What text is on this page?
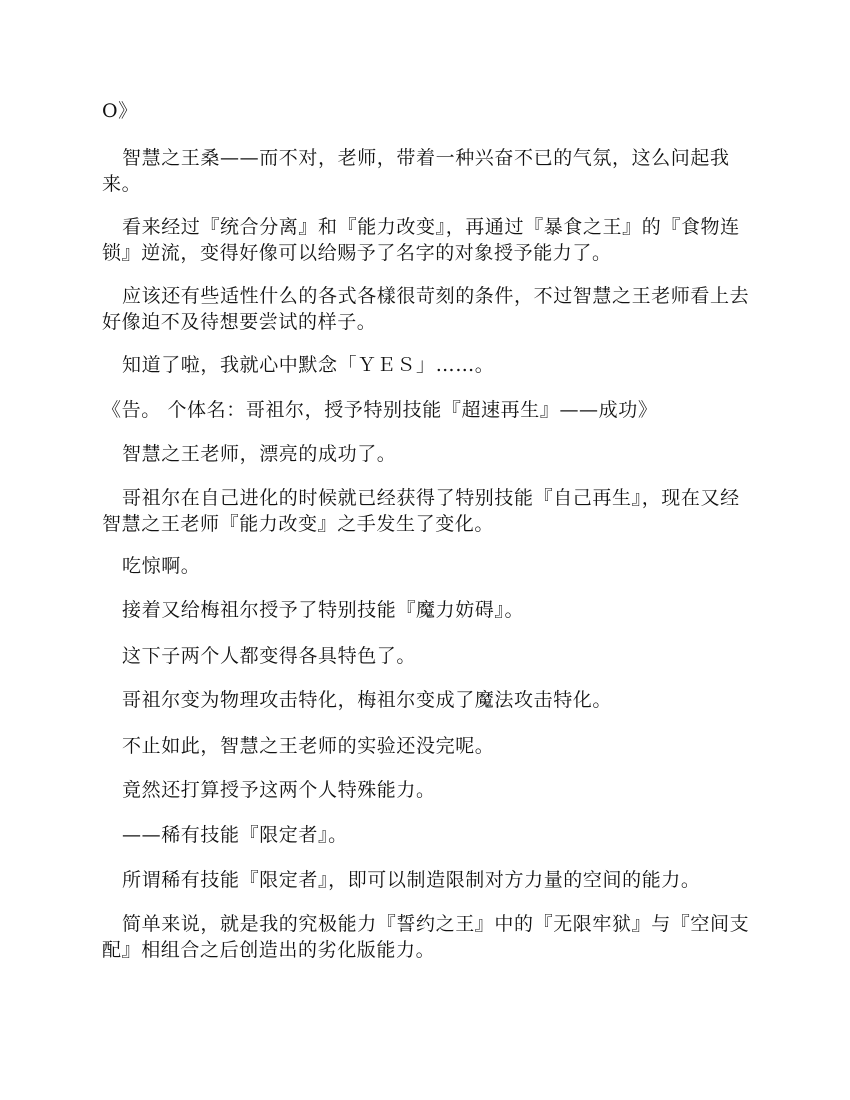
O》

智慧之王桑——而不对，老师，带着一种兴奋不已的气氛，这么问起我来。

看来经过『统合分离』和『能力改变』，再通过『暴食之王』的『食物连锁』逆流，变得好像可以给赐予了名字的对象授予能力了。

应该还有些适性什么的各式各樣很苛刻的条件，不过智慧之王老师看上去好像迫不及待想要尝试的样子。

知道了啦，我就心中默念「ＹＥＳ」……。

《告。 个体名：哥祖尔，授予特别技能『超速再生』——成功》

智慧之王老师，漂亮的成功了。

哥祖尔在自己进化的时候就已经获得了特别技能『自己再生』，现在又经智慧之王老师『能力改变』之手发生了变化。

吃惊啊。

接着又给梅祖尔授予了特别技能『魔力妨碍』。

这下子两个人都变得各具特色了。

哥祖尔变为物理攻击特化，梅祖尔变成了魔法攻击特化。

不止如此，智慧之王老师的实验还没完呢。

竟然还打算授予这两个人特殊能力。

——稀有技能『限定者』。

所谓稀有技能『限定者』，即可以制造限制对方力量的空间的能力。

简单来说，就是我的究极能力『誓约之王』中的『无限牢狱』与『空间支配』相组合之后创造出的劣化版能力。
